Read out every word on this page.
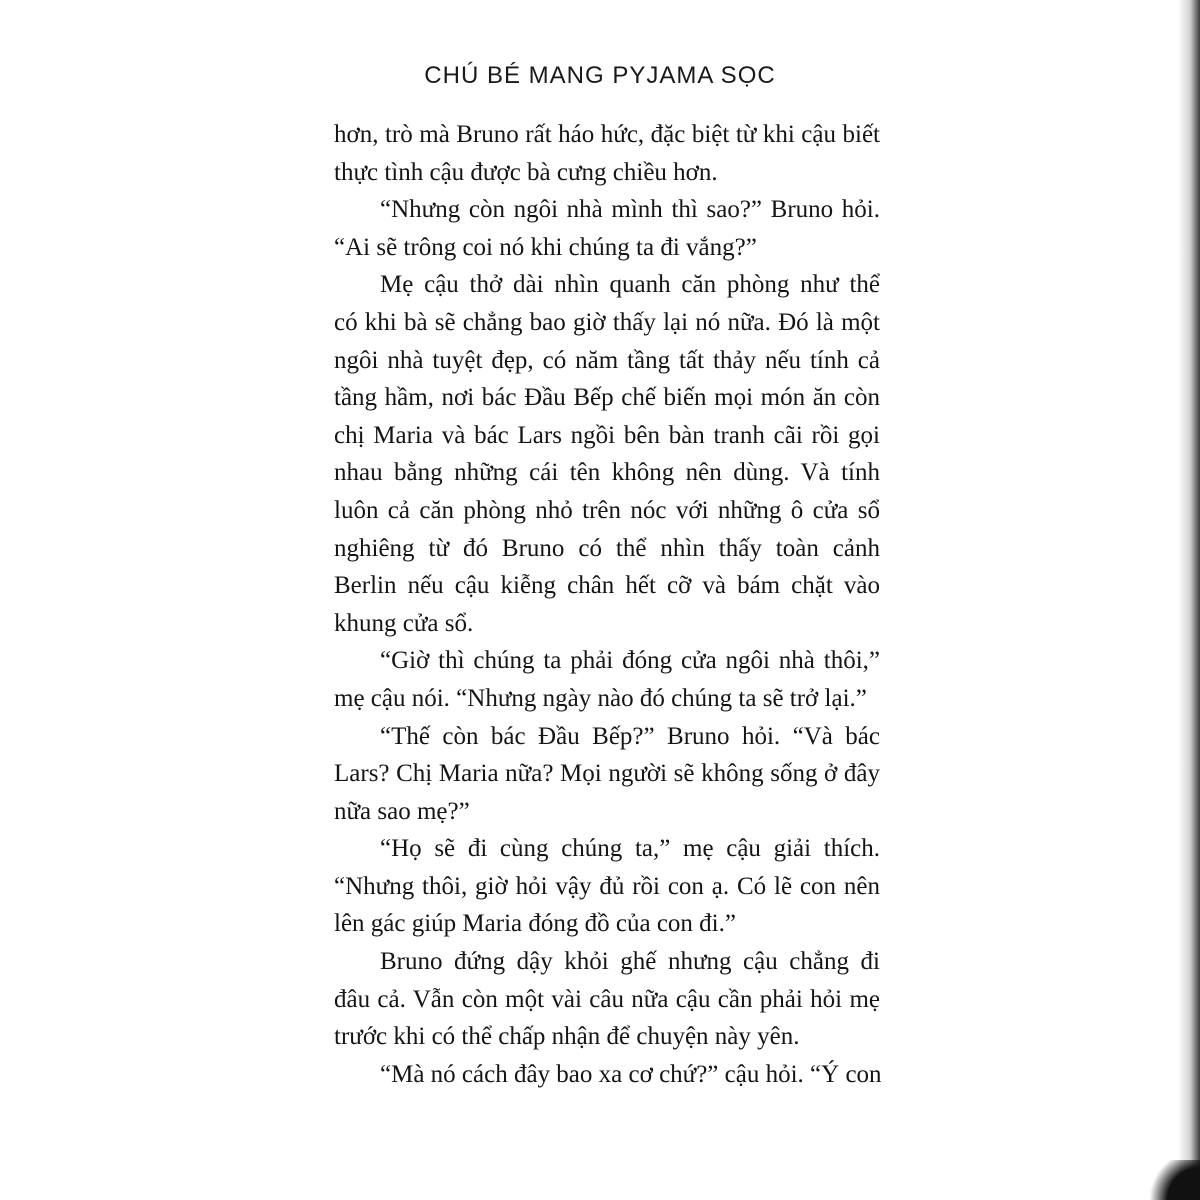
CHÚ BÉ MANG PYJAMA SỌC
hơn, trò mà Bruno rất háo hức, đặc biệt từ khi cậu biết
thực tình cậu được bà cưng chiều hơn.
“Nhưng còn ngôi nhà mình thì sao?” Bruno hỏi.
“Ai sẽ trông coi nó khi chúng ta đi vắng?”
Mẹ cậu thở dài nhìn quanh căn phòng như thể
có khi bà sẽ chẳng bao giờ thấy lại nó nữa. Đó là một
ngôi nhà tuyệt đẹp, có năm tầng tất thảy nếu tính cả
tầng hầm, nơi bác Đầu Bếp chế biến mọi món ăn còn
chị Maria và bác Lars ngồi bên bàn tranh cãi rồi gọi
nhau bằng những cái tên không nên dùng. Và tính
luôn cả căn phòng nhỏ trên nóc với những ô cửa sổ
nghiêng từ đó Bruno có thể nhìn thấy toàn cảnh
Berlin nếu cậu kiễng chân hết cỡ và bám chặt vào
khung cửa sổ.
“Giờ thì chúng ta phải đóng cửa ngôi nhà thôi,”
mẹ cậu nói. “Nhưng ngày nào đó chúng ta sẽ trở lại.”
“Thế còn bác Đầu Bếp?” Bruno hỏi. “Và bác
Lars? Chị Maria nữa? Mọi người sẽ không sống ở đây
nữa sao mẹ?”
“Họ sẽ đi cùng chúng ta,” mẹ cậu giải thích.
“Nhưng thôi, giờ hỏi vậy đủ rồi con ạ. Có lẽ con nên
lên gác giúp Maria đóng đồ của con đi.”
Bruno đứng dậy khỏi ghế nhưng cậu chẳng đi
đâu cả. Vẫn còn một vài câu nữa cậu cần phải hỏi mẹ
trước khi có thể chấp nhận để chuyện này yên.
“Mà nó cách đây bao xa cơ chứ?” cậu hỏi. “Ý con
